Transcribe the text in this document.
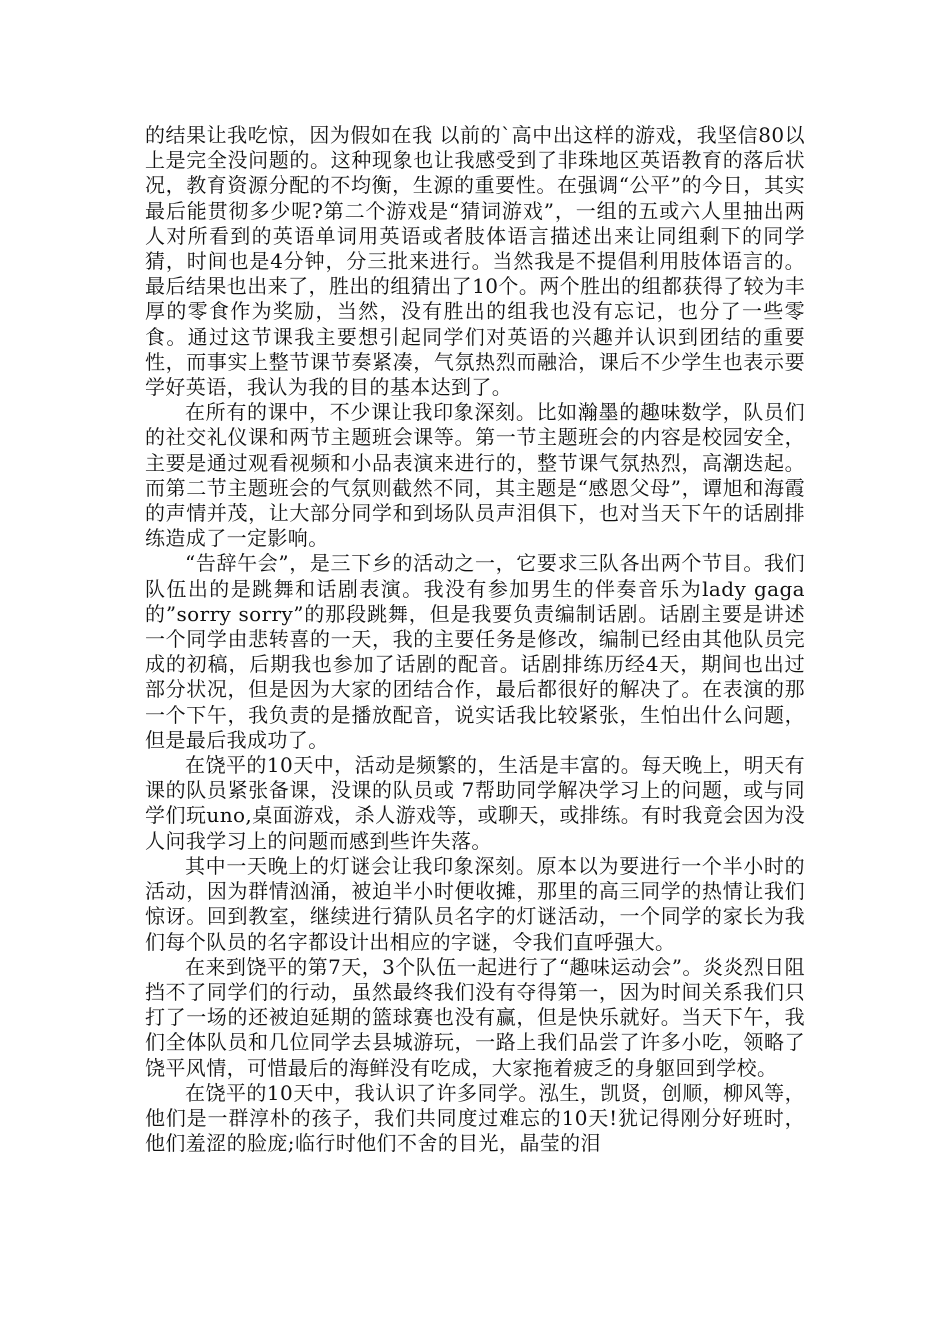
的结果让我吃惊，因为假如在我 以前的`高中出这样的游戏，我坚信80以上是完全没问题的。这种现象也让我感受到了非珠地区英语教育的落后状况，教育资源分配的不均衡，生源的重要性。在强调“公平”的今日，其实最后能贯彻多少呢?第二个游戏是“猜词游戏”，一组的五或六人里抽出两人对所看到的英语单词用英语或者肢体语言描述出来让同组剩下的同学猜，时间也是4分钟，分三批来进行。当然我是不提倡利用肢体语言的。最后结果也出来了，胜出的组猜出了10个。两个胜出的组都获得了较为丰厚的零食作为奖励，当然，没有胜出的组我也没有忘记，也分了一些零食。通过这节课我主要想引起同学们对英语的兴趣并认识到团结的重要性，而事实上整节课节奏紧凑，气氛热烈而融洽，课后不少学生也表示要学好英语，我认为我的目的基本达到了。

在所有的课中，不少课让我印象深刻。比如瀚墨的趣味数学，队员们的社交礼仪课和两节主题班会课等。第一节主题班会的内容是校园安全，主要是通过观看视频和小品表演来进行的，整节课气氛热烈，高潮迭起。而第二节主题班会的气氛则截然不同，其主题是“感恩父母”，谭旭和海霞的声情并茂，让大部分同学和到场队员声泪俱下，也对当天下午的话剧排练造成了一定影响。

“告辞午会”，是三下乡的活动之一，它要求三队各出两个节目。我们队伍出的是跳舞和话剧表演。我没有参加男生的伴奏音乐为lady gaga的”sorry sorry”的那段跳舞，但是我要负责编制话剧。话剧主要是讲述一个同学由悲转喜的一天，我的主要任务是修改，编制已经由其他队员完成的初稿，后期我也参加了话剧的配音。话剧排练历经4天，期间也出过部分状况，但是因为大家的团结合作，最后都很好的解决了。在表演的那一个下午，我负责的是播放配音，说实话我比较紧张，生怕出什么问题，但是最后我成功了。

在饶平的10天中，活动是频繁的，生活是丰富的。每天晚上，明天有课的队员紧张备课，没课的队员或 7帮助同学解决学习上的问题，或与同学们玩uno,桌面游戏，杀人游戏等，或聊天，或排练。有时我竟会因为没人问我学习上的问题而感到些许失落。

其中一天晚上的灯谜会让我印象深刻。原本以为要进行一个半小时的活动，因为群情汹涌，被迫半小时便收摊，那里的高三同学的热情让我们惊讶。回到教室，继续进行猜队员名字的灯谜活动，一个同学的家长为我们每个队员的名字都设计出相应的字谜，令我们直呼强大。

在来到饶平的第7天，3个队伍一起进行了“趣味运动会”。炎炎烈日阻挡不了同学们的行动，虽然最终我们没有夺得第一，因为时间关系我们只打了一场的还被迫延期的篮球赛也没有赢，但是快乐就好。当天下午，我们全体队员和几位同学去县城游玩，一路上我们品尝了许多小吃，领略了饶平风情，可惜最后的海鲜没有吃成，大家拖着疲乏的身躯回到学校。

在饶平的10天中，我认识了许多同学。泓生，凯贤，创顺，柳风等，他们是一群淳朴的孩子，我们共同度过难忘的10天!犹记得刚分好班时，他们羞涩的脸庞;临行时他们不舍的目光，晶莹的泪
